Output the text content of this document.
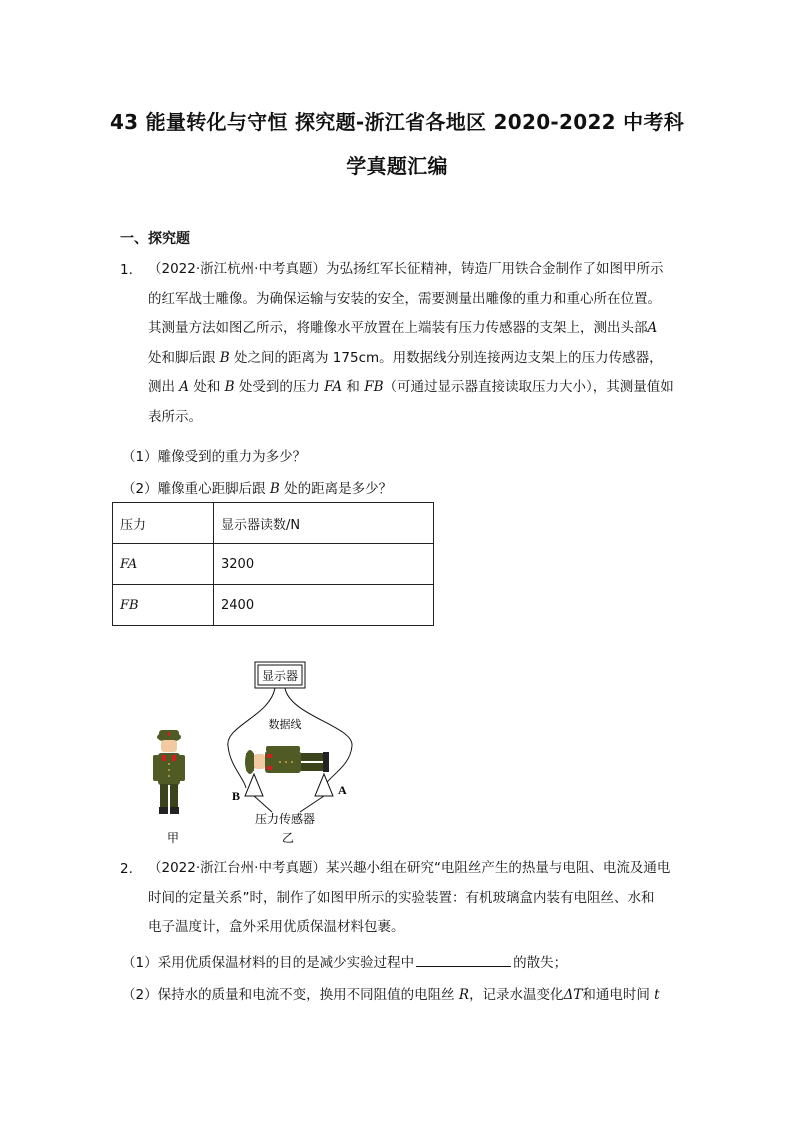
43 能量转化与守恒 探究题-浙江省各地区 2020-2022 中考科
学真题汇编
一、探究题
1. （2022·浙江杭州·中考真题）为弘扬红军长征精神，铸造厂用铁合金制作了如图甲所示

的红军战士雕像。为确保运输与安装的安全，需要测量出雕像的重力和重心所在位置。

其测量方法如图乙所示，将雕像水平放置在上端装有压力传感器的支架上，测出头部A

处和脚后跟 B 处之间的距离为 175cm。用数据线分别连接两边支架上的压力传感器，

测出 A 处和 B 处受到的压力 FA 和 FB（可通过显示器直接读取压力大小），其测量值如

表所示。

（1）雕像受到的重力为多少？
（2）雕像重心距脚后跟 B 处的距离是多少？
压力	显示器读数/N
FA	3200
FB	2400
显示器
数据线
B	A
压力传感器
甲	乙
2. （2022·浙江台州·中考真题）某兴趣小组在研究“电阻丝产生的热量与电阻、电流及通电

时间的定量关系”时，制作了如图甲所示的实验装置：有机玻璃盒内装有电阻丝、水和

电子温度计，盒外采用优质保温材料包裹。

（1）采用优质保温材料的目的是减少实验过程中	的散失；
（2）保持水的质量和电流不变，换用不同阻值的电阻丝 R，记录水温变化ΔT和通电时间 t
